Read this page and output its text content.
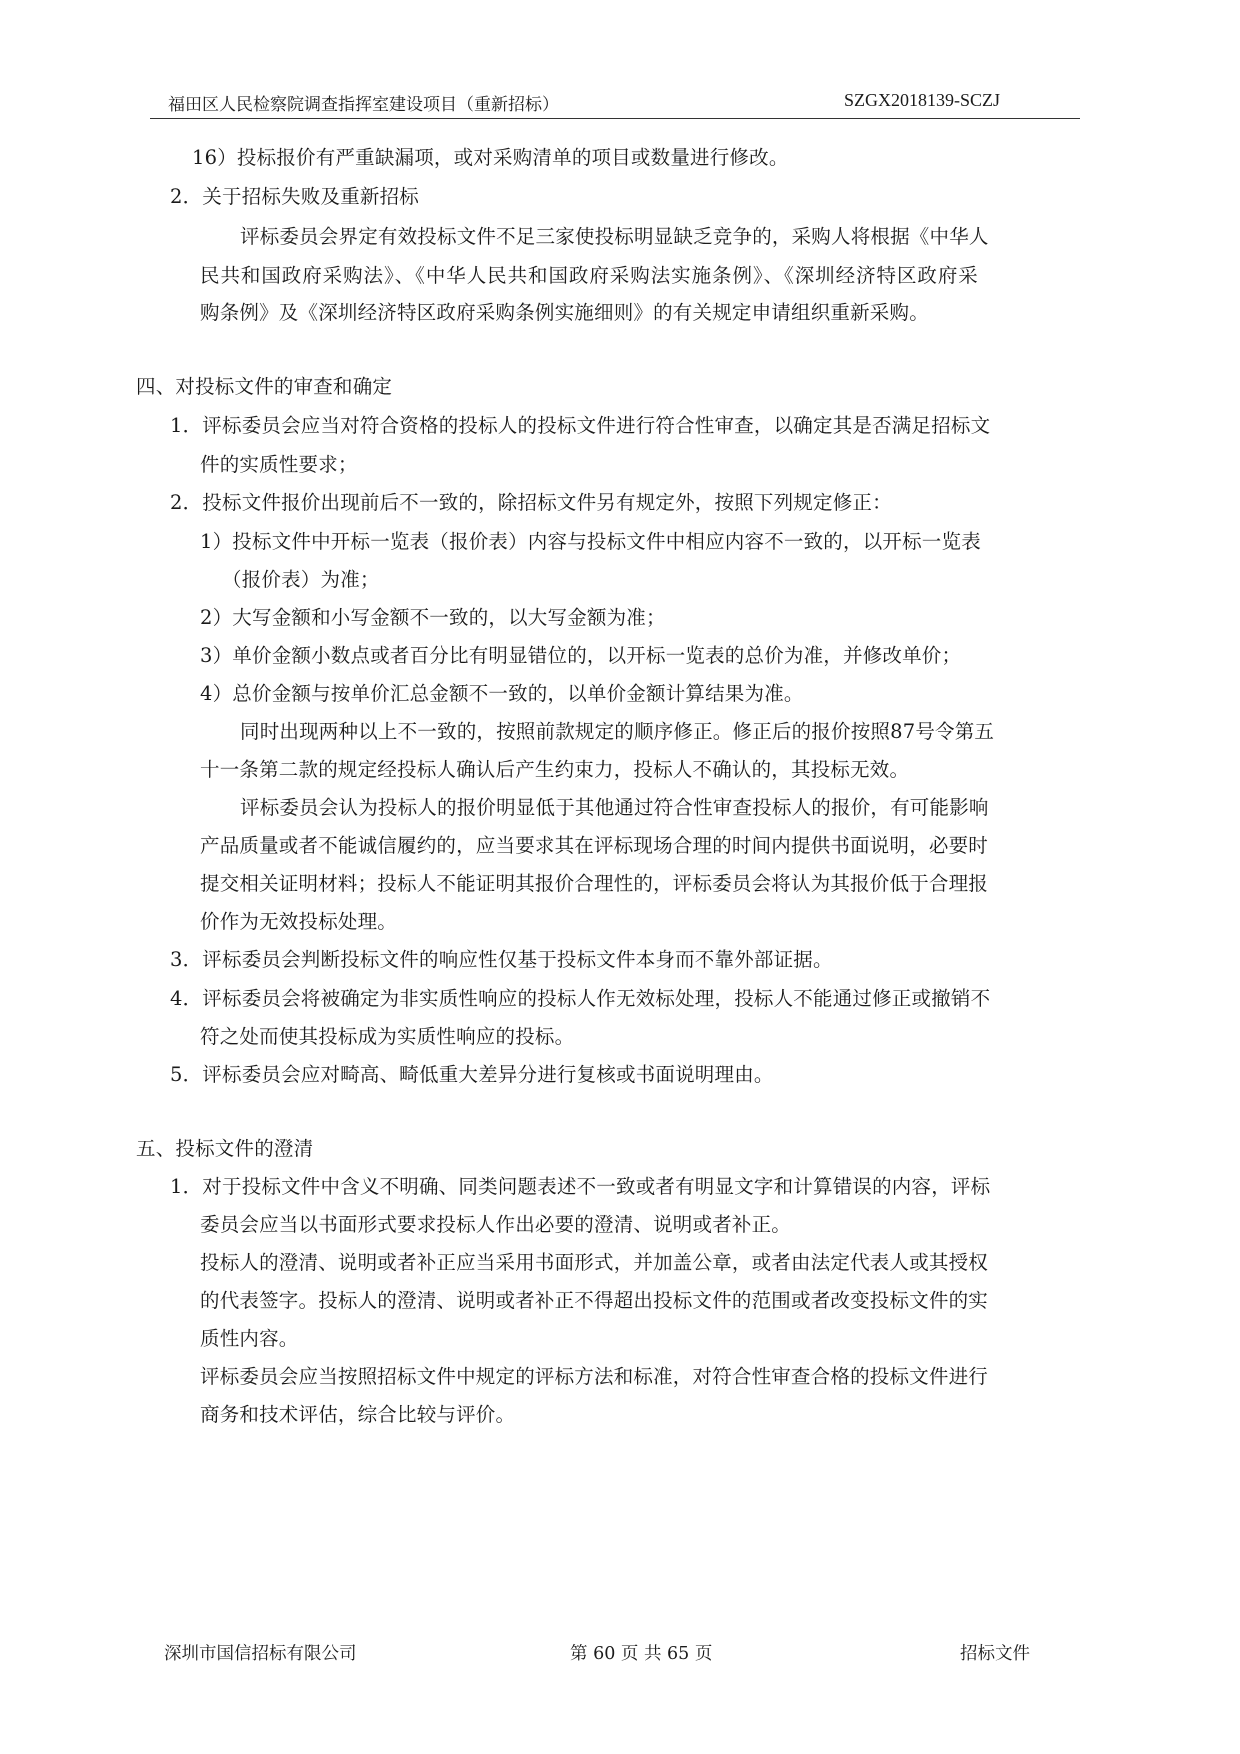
福田区人民检察院调查指挥室建设项目（重新招标）	SZGX2018139-SCZJ
16）投标报价有严重缺漏项，或对采购清单的项目或数量进行修改。
2．关于招标失败及重新招标
评标委员会界定有效投标文件不足三家使投标明显缺乏竞争的，采购人将根据《中华人
民共和国政府采购法》、《中华人民共和国政府采购法实施条例》、《深圳经济特区政府采
购条例》及《深圳经济特区政府采购条例实施细则》的有关规定申请组织重新采购。
四、对投标文件的审查和确定
1．评标委员会应当对符合资格的投标人的投标文件进行符合性审查，以确定其是否满足招标文
件的实质性要求；
2．投标文件报价出现前后不一致的，除招标文件另有规定外，按照下列规定修正：
1）投标文件中开标一览表（报价表）内容与投标文件中相应内容不一致的，以开标一览表
（报价表）为准；
2）大写金额和小写金额不一致的，以大写金额为准；
3）单价金额小数点或者百分比有明显错位的，以开标一览表的总价为准，并修改单价；
4）总价金额与按单价汇总金额不一致的，以单价金额计算结果为准。
同时出现两种以上不一致的，按照前款规定的顺序修正。修正后的报价按照87号令第五
十一条第二款的规定经投标人确认后产生约束力，投标人不确认的，其投标无效。
评标委员会认为投标人的报价明显低于其他通过符合性审查投标人的报价，有可能影响
产品质量或者不能诚信履约的，应当要求其在评标现场合理的时间内提供书面说明，必要时
提交相关证明材料；投标人不能证明其报价合理性的，评标委员会将认为其报价低于合理报
价作为无效投标处理。
3．评标委员会判断投标文件的响应性仅基于投标文件本身而不靠外部证据。
4．评标委员会将被确定为非实质性响应的投标人作无效标处理，投标人不能通过修正或撤销不
符之处而使其投标成为实质性响应的投标。
5．评标委员会应对畸高、畸低重大差异分进行复核或书面说明理由。
五、投标文件的澄清
1．对于投标文件中含义不明确、同类问题表述不一致或者有明显文字和计算错误的内容，评标
委员会应当以书面形式要求投标人作出必要的澄清、说明或者补正。
投标人的澄清、说明或者补正应当采用书面形式，并加盖公章，或者由法定代表人或其授权
的代表签字。投标人的澄清、说明或者补正不得超出投标文件的范围或者改变投标文件的实
质性内容。
评标委员会应当按照招标文件中规定的评标方法和标准，对符合性审查合格的投标文件进行
商务和技术评估，综合比较与评价。
深圳市国信招标有限公司	第 60 页 共 65 页	招标文件
